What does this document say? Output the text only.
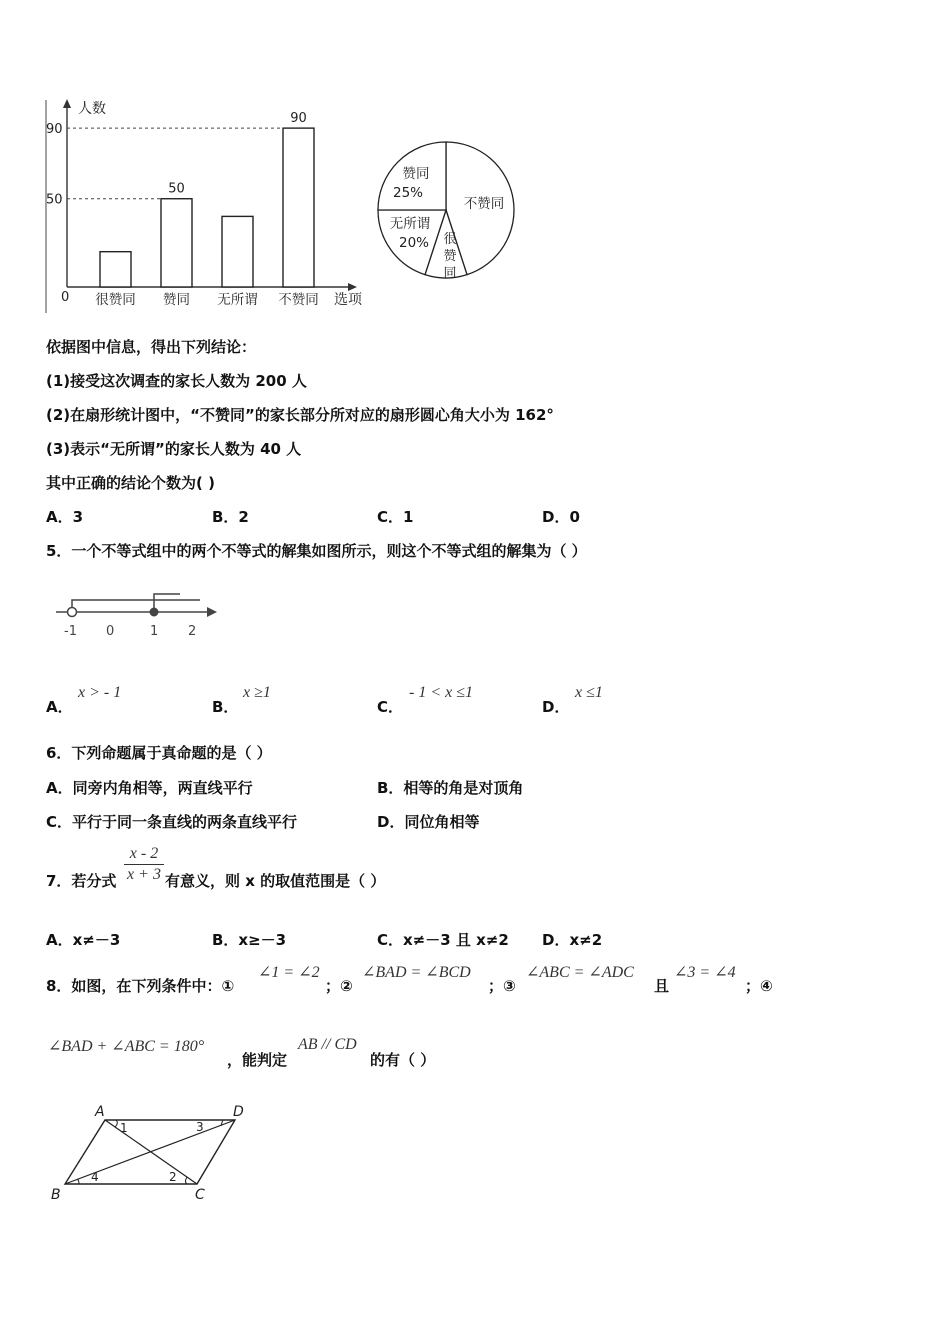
人数
选项
0
50
90
很赞同 赞同
50
无所谓 不赞同
90
赞同
25%
不赞同
很
赞
同
无所谓
20%
依据图中信息，得出下列结论：
(1)接受这次调查的家长人数为 200 人
(2)在扇形统计图中，“不赞同”的家长部分所对应的扇形圆心角大小为 162°
(3)表示“无所谓”的家长人数为 40 人
其中正确的结论个数为( )
A．3	B．2	C．1	D．0
5．一个不等式组中的两个不等式的解集如图所示，则这个不等式组的解集为（ ）
-1 0	1 2
A．
x > - 1
B．
x ≥1
C．
- 1 < x ≤1
D．
x ≤1
6．下列命题属于真命题的是（ ）
A．同旁内角相等，两直线平行	B．相等的角是对顶角
C．平行于同一条直线的两条直线平行	D．同位角相等
7．若分式
x - 2
x + 3 有意义，则 x 的取值范围是（ ）
A．x≠－3	B．x≥－3	C．x≠－3 且 x≠2 D．x≠2
8．如图，在下列条件中：①
∠1 = ∠2
；②
∠BAD = ∠BCD
；③
∠ABC = ∠ADC
且
∠3 = ∠4
；④
∠BAD + ∠ABC = 180°
，能判定
AB // CD
的有（ ）
A	D
B	C
1
2
3
4
